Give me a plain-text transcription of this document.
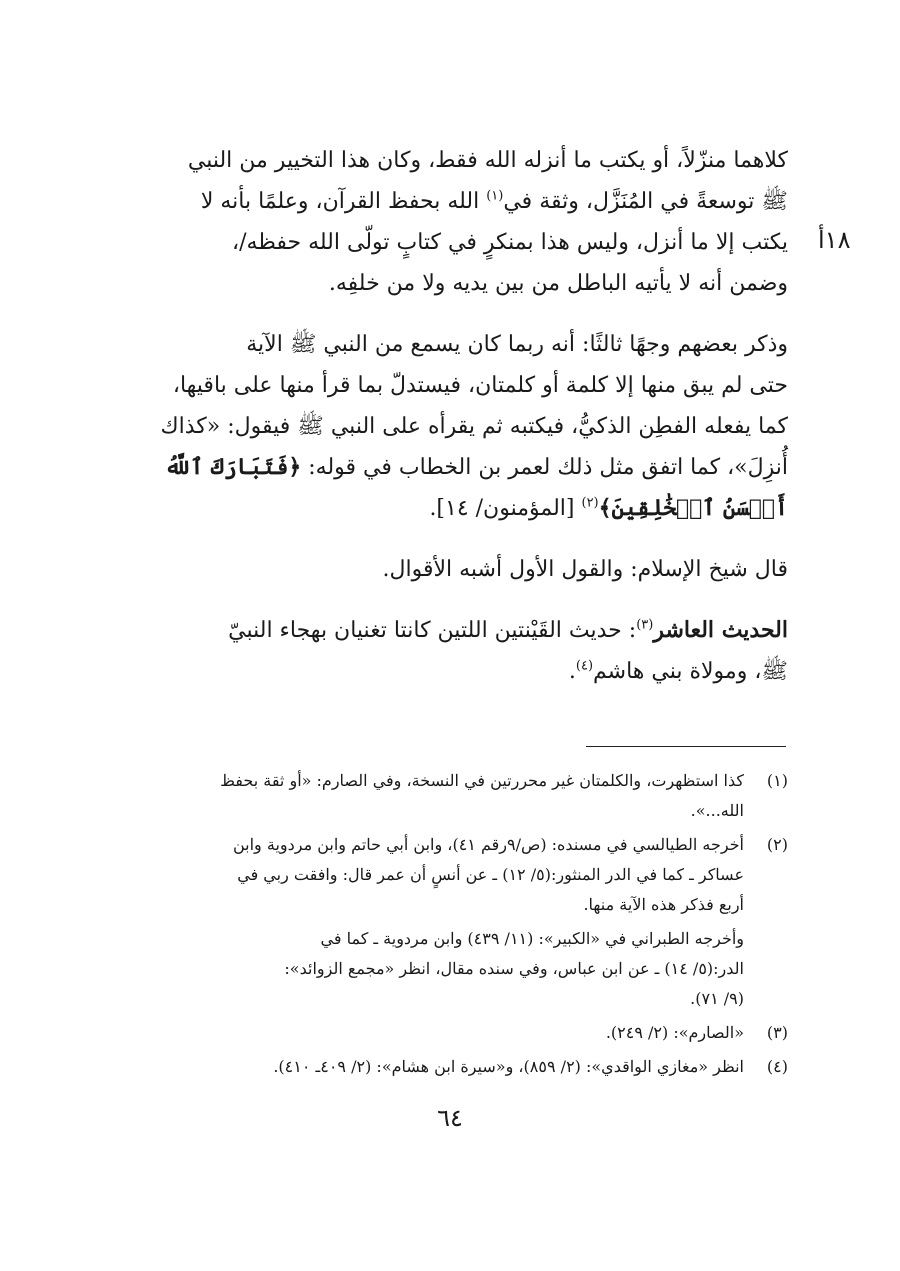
١٨أ

كلاهما منزّلاً، أو يكتب ما أنزله الله فقط، وكان هذا التخيير من النبي
ﷺ توسعةً في المُنَزَّل، وثقة في$^{(١)}$ الله بحفظ القرآن، وعلمًا بأنه لا
يكتب إلا ما أنزل، وليس هذا بمنكرٍ في كتابٍ تولّى الله حفظه/،
وضمن أنه لا يأتيه الباطل من بين يديه ولا من خلفِه.

وذكر بعضهم وجهًا ثالثًا: أنه ربما كان يسمع من النبي ﷺ الآية
حتى لم يبق منها إلا كلمة أو كلمتان، فيستدلّ بما قرأ منها على باقيها،
كما يفعله الفطِن الذكيُّ، فيكتبه ثم يقرأه على النبي ﷺ فيقول: «كذاك
أُنزِلَ»، كما اتفق مثل ذلك لعمر بن الخطاب في قوله: ﴿فَتَبَارَكَ ٱللَّهُ
أَحۡسَنُ ٱلۡخَٰلِقِينَ﴾$^{(٢)}$ [المؤمنون/ ١٤].

قال شيخ الإسلام: والقول الأول أشبه الأقوال.

الحديث العاشر$^{(٣)}$: حديث القَيْنتين اللتين كانتا تغنيان بهجاء النبيّ
ﷺ، ومولاة بني هاشم$^{(٤)}$.

(١)
كذا استظهرت، والكلمتان غير محررتين في النسخة، وفي الصارم: «أو ثقة بحفظ
الله...».
(٢)
أخرجه الطيالسي في مسنده: (ص/٩رقم ٤١)، وابن أبي حاتم وابن مردوية وابن
عساكر ـ كما في الدر المنثور:(٥/ ١٢) ـ عن أنسٍ أن عمر قال: وافقت ربي في
أربع فذكر هذه الآية منها.
وأخرجه الطبراني في «الكبير»: (١١/ ٤٣٩) وابن مردوية ـ كما في
الدر:(٥/ ١٤) ـ عن ابن عباس، وفي سنده مقال، انظر «مجمع الزوائد»:
(٩/ ٧١).
(٣)
«الصارم»: (٢/ ٢٤٩).
(٤)
انظر «مغازي الواقدي»: (٢/ ٨٥٩)، و«سيرة ابن هشام»: (٢/ ٤٠٩ـ ٤١٠).
٦٤
